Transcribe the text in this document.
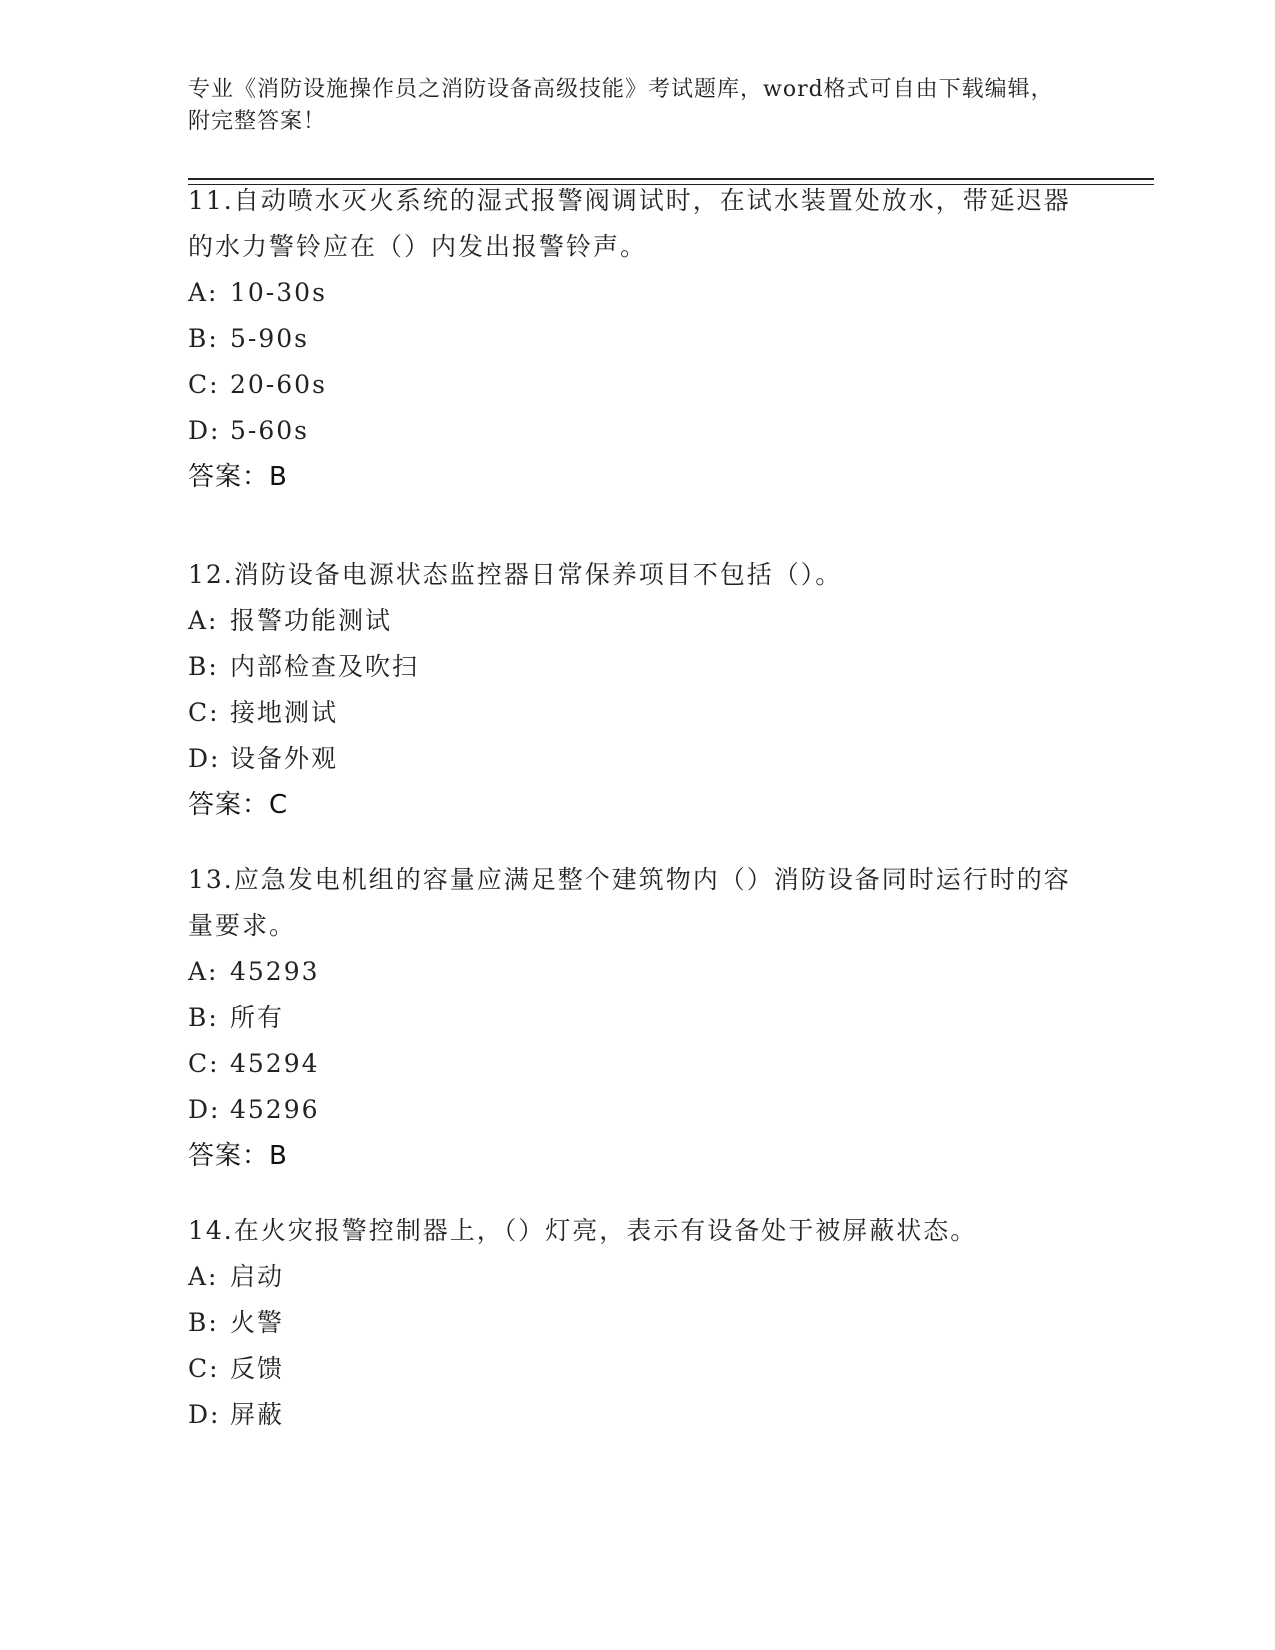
专业《消防设施操作员之消防设备高级技能》考试题库，word格式可自由下载编辑，附完整答案！

11.自动喷水灭火系统的湿式报警阀调试时，在试水装置处放水，带延迟器的水力警铃应在（）内发出报警铃声。

A: 10-30s
B: 5-90s
C: 20-60s
D: 5-60s
答案：B

12.消防设备电源状态监控器日常保养项目不包括（）。

A: 报警功能测试
B: 内部检查及吹扫
C: 接地测试
D: 设备外观
答案：C

13.应急发电机组的容量应满足整个建筑物内（）消防设备同时运行时的容量要求。

A: 45293
B: 所有
C: 45294
D: 45296
答案：B

14.在火灾报警控制器上，（）灯亮，表示有设备处于被屏蔽状态。

A: 启动
B: 火警
C: 反馈
D: 屏蔽
